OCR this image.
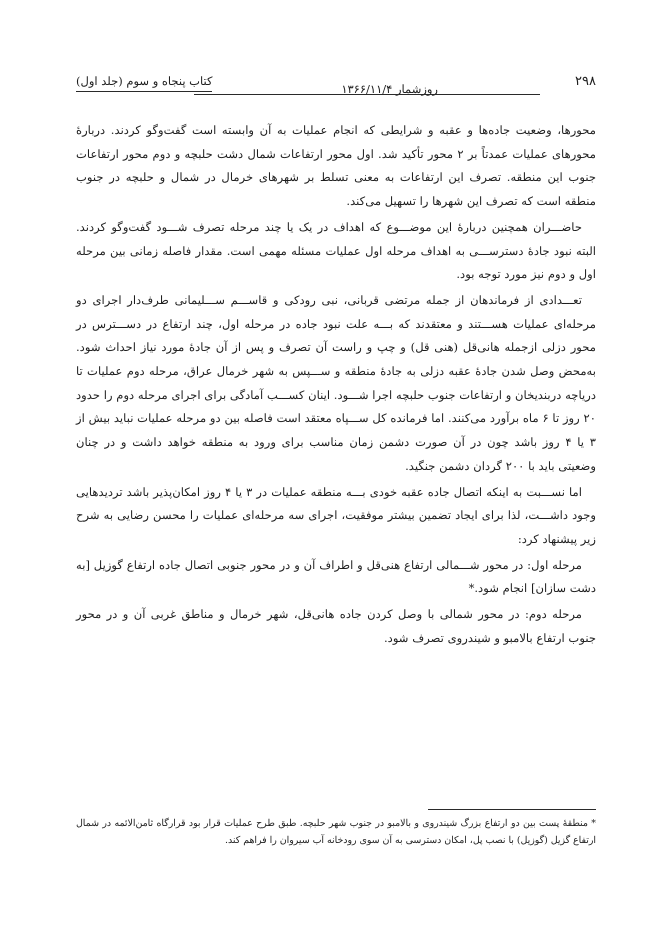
۲۹۸
روزشمار ۱۳۶۶/۱۱/۴
کتاب پنجاه و سوم (جلد اول)

محورها، وضعیت جاده‌ها و عقبه و شرایطی که انجام عملیات به آن وابسته است گفت‌وگو کردند. دربارهٔ محورهای عملیات عمدتاً بر ۲ محور تأکید شد. اول محور ارتفاعات شمال دشت حلبچه و دوم محور ارتفاعات جنوب این منطقه. تصرف این ارتفاعات به معنی تسلط بر شهرهای خرمال در شمال و حلبچه در جنوب منطقه است که تصرف این شهرها را تسهیل می‌کند.

حاضـــران همچنین دربارهٔ این موضـــوع که اهداف در یک یا چند مرحله تصرف شـــود گفت‌وگو کردند. البته نبود جادهٔ دسترســـی به اهداف مرحله اول عملیات مسئله مهمی است. مقدار فاصله زمانی بین مرحله اول و دوم نیز مورد توجه بود.

تعـــدادی از فرماندهان از جمله مرتضی قربانی، نبی رودکی و قاســـم ســـلیمانی طرف‌دار اجرای دو مرحله‌ای عملیات هســـتند و معتقدند که بـــه علت نبود جاده در مرحله اول، چند ارتفاع در دســـترس در محور دزلی ازجمله هانی‌قل (هنی قل) و چپ و راست آن تصرف و پس از آن جادهٔ مورد نیاز احداث شود. به‌محض وصل شدن جادهٔ عقبه دزلی به جادهٔ منطقه و ســـپس به شهر خرمال عراق، مرحله دوم عملیات تا دریاچه دربندیخان و ارتفاعات جنوب حلبچه اجرا شـــود. اینان کســـب آمادگی برای اجرای مرحله دوم را حدود ۲۰ روز تا ۶ ماه برآورد می‌کنند. اما فرمانده کل ســـپاه معتقد است فاصله بین دو مرحله عملیات نباید بیش از ۳ یا ۴ روز باشد چون در آن صورت دشمن زمان مناسب برای ورود به منطقه خواهد داشت و در چنان وضعیتی باید با ۲۰۰ گردان دشمن جنگید.

اما نســـبت به اینکه اتصال جاده عقبه خودی بـــه منطقه عملیات در ۳ یا ۴ روز امکان‌پذیر باشد تردیدهایی وجود داشـــت، لذا برای ایجاد تضمین بیشتر موفقیت، اجرای سه مرحله‌ای عملیات را محسن رضایی به شرح زیر پیشنهاد کرد:

مرحله اول: در محور شـــمالی ارتفاع هنی‌قل و اطراف آن و در محور جنوبی اتصال جاده ارتفاع گوزیل [به دشت سازان] انجام شود.*

مرحله دوم: در محور شمالی با وصل کردن جاده هانی‌قل، شهر خرمال و مناطق غربی آن و در محور جنوب ارتفاع بالامبو و شیندروی تصرف شود.

* منطقهٔ پست بین دو ارتفاع بزرگ شیندروی و بالامبو در جنوب شهر حلبچه. طبق طرح عملیات قرار بود قرارگاه ثامن‌الائمه در شمال ارتفاع گزیل (گوزیل) با نصب پل، امکان دسترسی به آن سوی رودخانه آب سیروان را فراهم کند.
